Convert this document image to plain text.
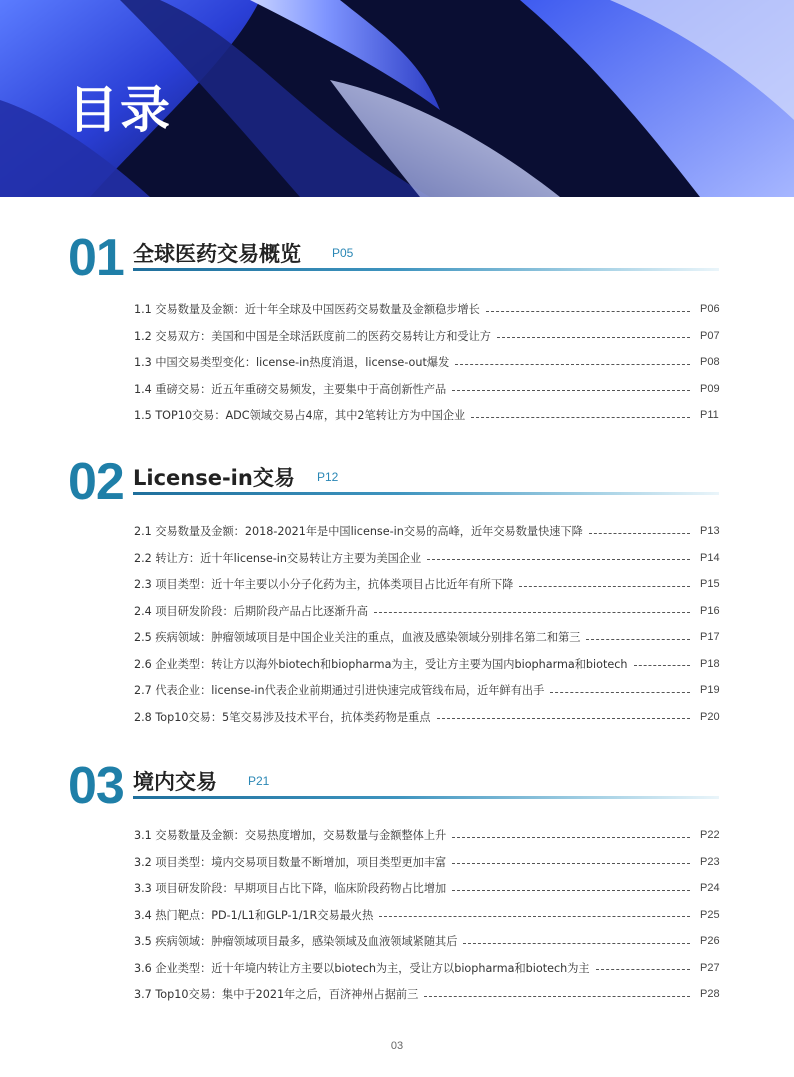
目录
01 全球医药交易概览	P05
1.1 交易数量及金额：近十年全球及中国医药交易数量及金额稳步增长	P06
1.2 交易双方：美国和中国是全球活跃度前二的医药交易转让方和受让方	P07
1.3 中国交易类型变化：license-in热度消退，license-out爆发	P08
1.4 重磅交易：近五年重磅交易频发，主要集中于高创新性产品	P09
1.5 TOP10交易：ADC领域交易占4席，其中2笔转让方为中国企业	P11
02 License-in交易 P12
2.1 交易数量及金额：2018-2021年是中国license-in交易的高峰，近年交易数量快速下降	P13
2.2 转让方：近十年license-in交易转让方主要为美国企业	P14
2.3 项目类型：近十年主要以小分子化药为主，抗体类项目占比近年有所下降	P15
2.4 项目研发阶段：后期阶段产品占比逐渐升高	P16
2.5 疾病领域：肿瘤领域项目是中国企业关注的重点，血液及感染领域分别排名第二和第三	P17
2.6 企业类型：转让方以海外biotech和biopharma为主，受让方主要为国内biopharma和biotech	P18
2.7 代表企业：license-in代表企业前期通过引进快速完成管线布局，近年鲜有出手	P19
2.8 Top10交易：5笔交易涉及技术平台，抗体类药物是重点	P20
03 境内交易	P21
3.1 交易数量及金额：交易热度增加，交易数量与金额整体上升	P22
3.2 项目类型：境内交易项目数量不断增加，项目类型更加丰富	P23
3.3 项目研发阶段：早期项目占比下降，临床阶段药物占比增加	P24
3.4 热门靶点：PD-1/L1和GLP-1/1R交易最火热	P25
3.5 疾病领域：肿瘤领域项目最多，感染领域及血液领域紧随其后	P26
3.6 企业类型：近十年境内转让方主要以biotech为主，受让方以biopharma和biotech为主	P27
3.7 Top10交易：集中于2021年之后，百济神州占据前三	P28
03
